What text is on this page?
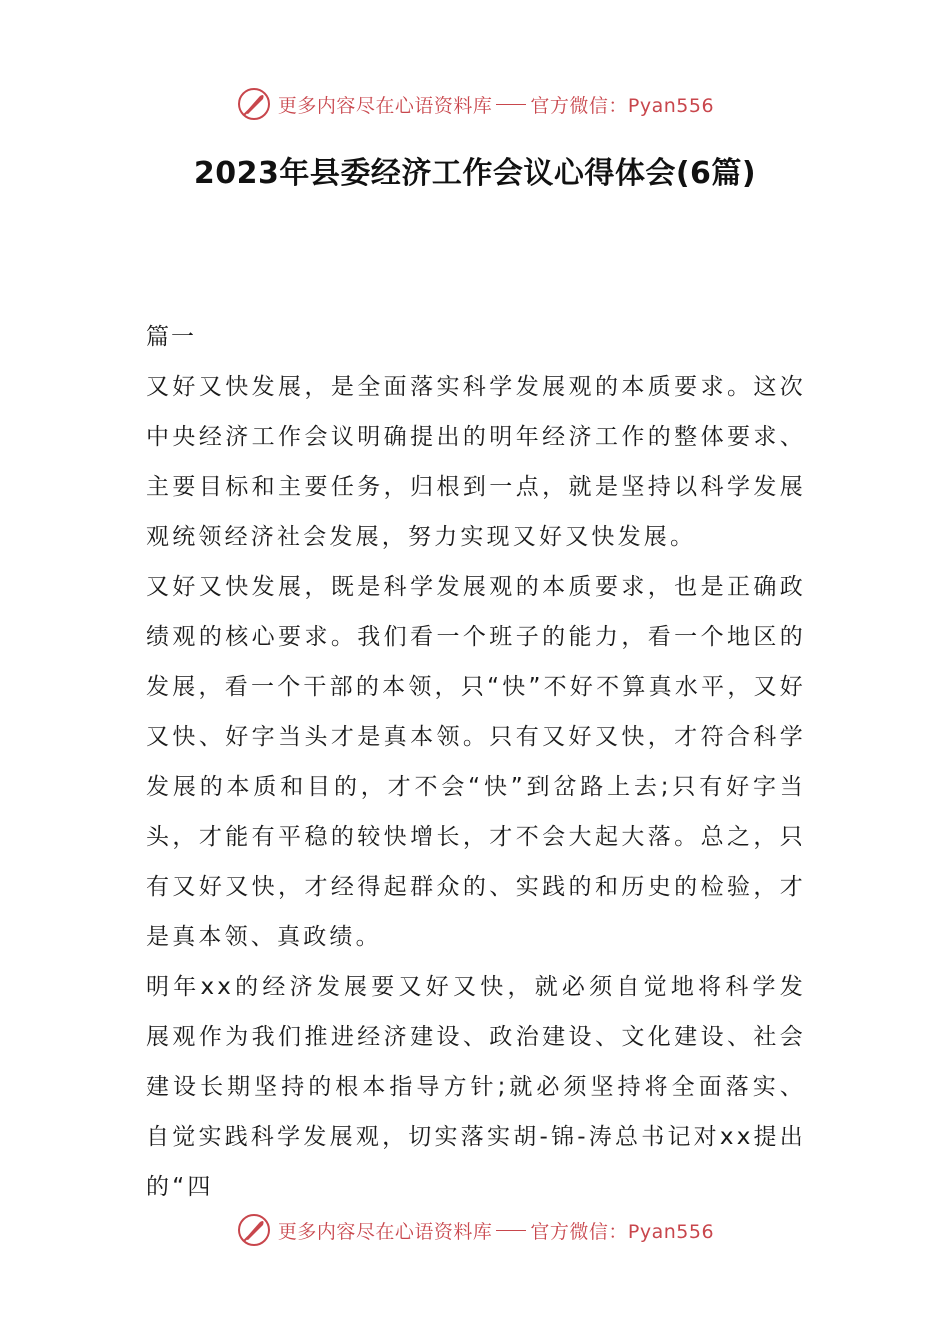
更多内容尽在心语资料库 官方微信：Pyan556
2023年县委经济工作会议心得体会(6篇)
篇一

又好又快发展，是全面落实科学发展观的本质要求。这次中央经济工作会议明确提出的明年经济工作的整体要求、主要目标和主要任务，归根到一点，就是坚持以科学发展观统领经济社会发展，努力实现又好又快发展。

又好又快发展，既是科学发展观的本质要求，也是正确政绩观的核心要求。我们看一个班子的能力，看一个地区的发展，看一个干部的本领，只“快”不好不算真水平，又好又快、好字当头才是真本领。只有又好又快，才符合科学发展的本质和目的，才不会“快”到岔路上去;只有好字当头，才能有平稳的较快增长，才不会大起大落。总之，只有又好又快，才经得起群众的、实践的和历史的检验，才是真本领、真政绩。

明年xx的经济发展要又好又快，就必须自觉地将科学发展观作为我们推进经济建设、政治建设、文化建设、社会建设长期坚持的根本指导方针;就必须坚持将全面落实、自觉实践科学发展观，切实落实胡-锦-涛总书记对xx提出的“四

更多内容尽在心语资料库 官方微信：Pyan556
